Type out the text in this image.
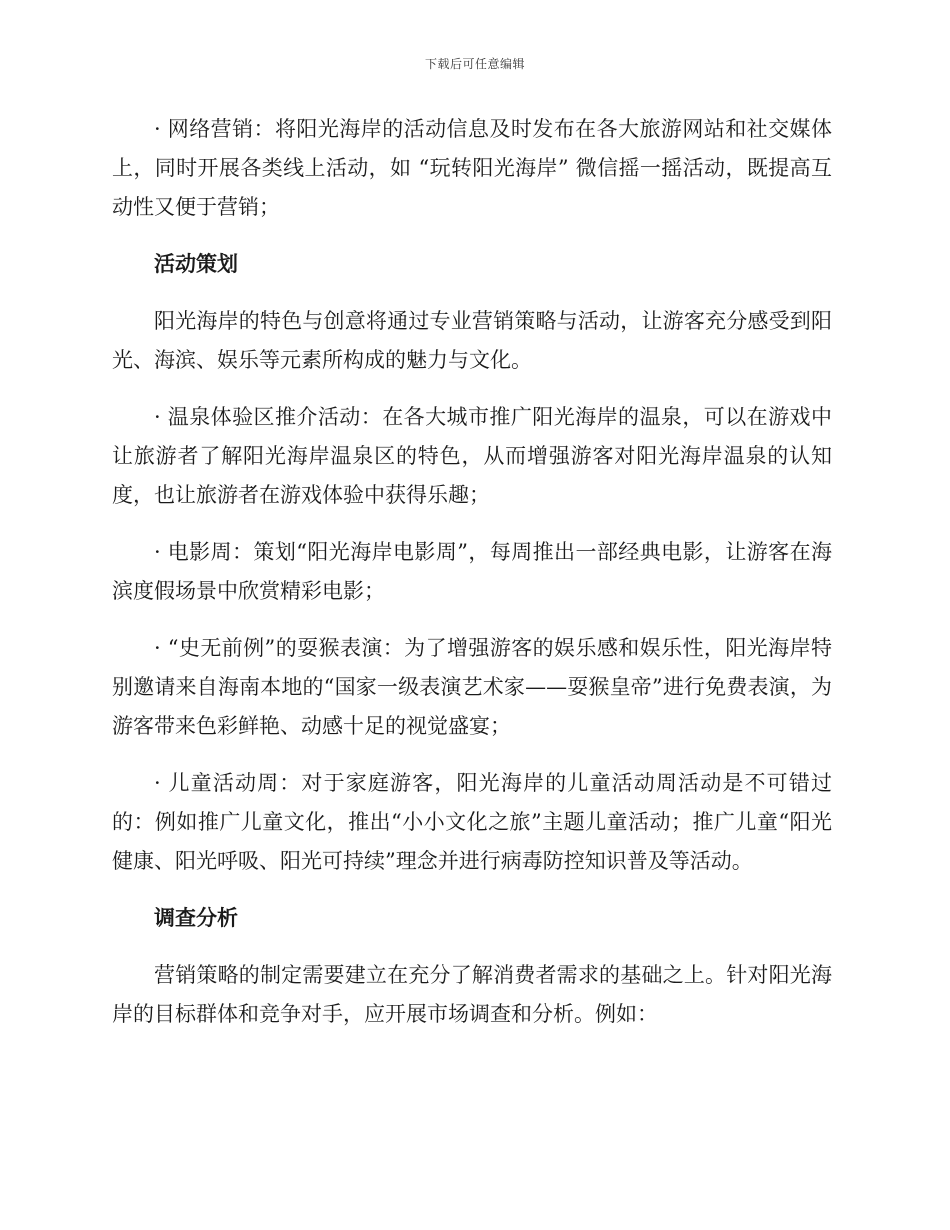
下载后可任意编辑

· 网络营销：将阳光海岸的活动信息及时发布在各大旅游网站和社交媒体上，同时开展各类线上活动，如 “玩转阳光海岸” 微信摇一摇活动，既提高互动性又便于营销；

活动策划

阳光海岸的特色与创意将通过专业营销策略与活动，让游客充分感受到阳光、海滨、娱乐等元素所构成的魅力与文化。

· 温泉体验区推介活动：在各大城市推广阳光海岸的温泉，可以在游戏中让旅游者了解阳光海岸温泉区的特色，从而增强游客对阳光海岸温泉的认知度，也让旅游者在游戏体验中获得乐趣；

· 电影周：策划“阳光海岸电影周”，每周推出一部经典电影，让游客在海滨度假场景中欣赏精彩电影；

· “史无前例”的耍猴表演：为了增强游客的娱乐感和娱乐性，阳光海岸特别邀请来自海南本地的“国家一级表演艺术家——耍猴皇帝”进行免费表演，为游客带来色彩鲜艳、动感十足的视觉盛宴；

· 儿童活动周：对于家庭游客，阳光海岸的儿童活动周活动是不可错过的：例如推广儿童文化，推出“小小文化之旅”主题儿童活动；推广儿童“阳光健康、阳光呼吸、阳光可持续”理念并进行病毒防控知识普及等活动。

调查分析

营销策略的制定需要建立在充分了解消费者需求的基础之上。针对阳光海岸的目标群体和竞争对手，应开展市场调查和分析。例如：
